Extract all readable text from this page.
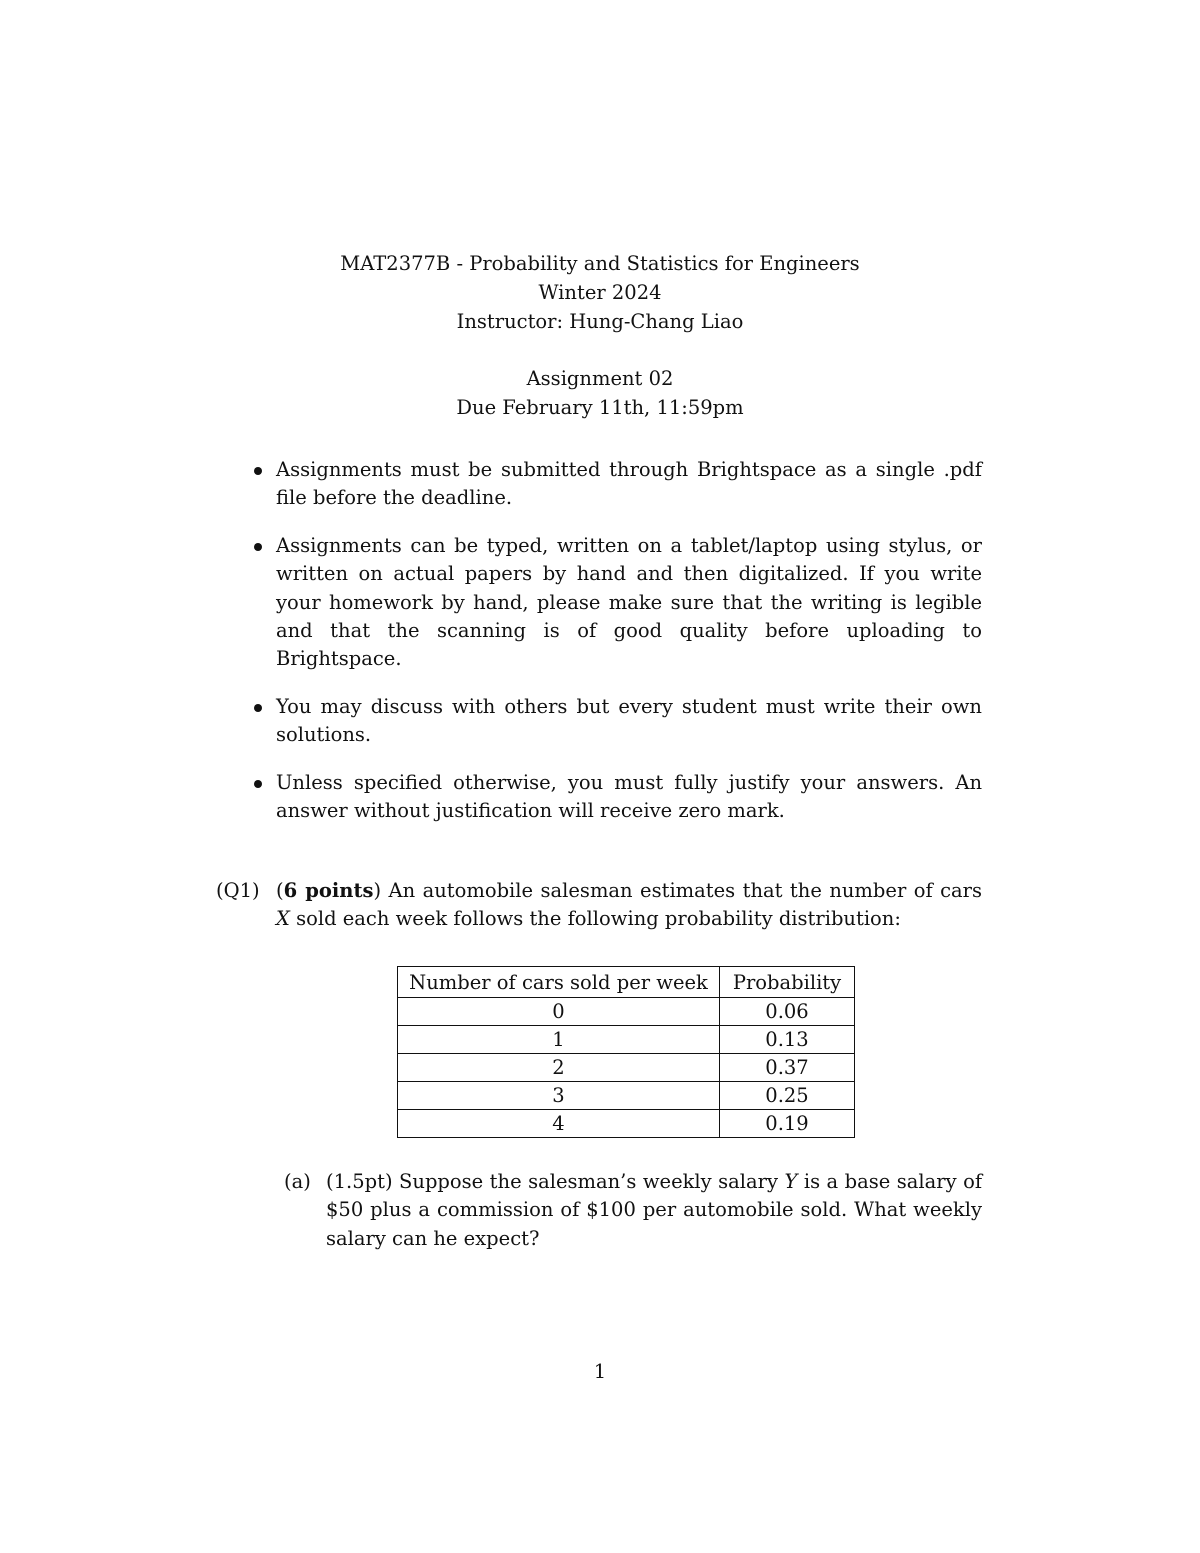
MAT2377B - Probability and Statistics for Engineers
Winter 2024
Instructor: Hung-Chang Liao
Assignment 02
Due February 11th, 11:59pm
Assignments must be submitted through Brightspace as a single .pdf file before the deadline.
Assignments can be typed, written on a tablet/laptop using stylus, or written on actual papers by hand and then digitalized. If you write your homework by hand, please make sure that the writing is legible and that the scanning is of good quality before uploading to Brightspace.
You may discuss with others but every student must write their own solutions.
Unless specified otherwise, you must fully justify your answers. An answer without justification will receive zero mark.
(Q1) (6 points) An automobile salesman estimates that the number of cars X sold each week follows the following probability distribution:
Number of cars sold per week	Probability
0	0.06
1	0.13
2	0.37
3	0.25
4	0.19
(a) (1.5pt) Suppose the salesman’s weekly salary Y is a base salary of $50 plus a commission of $100 per automobile sold. What weekly salary can he expect?
1
